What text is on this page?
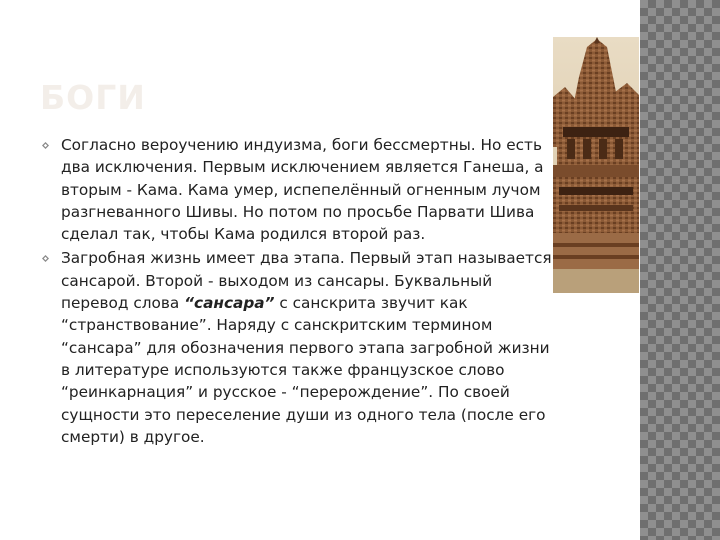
БОГИ
Согласно вероучению индуизма, боги бессмертны. Но есть два исключения. Первым исключением является Ганеша, а вторым - Кама. Кама умер, испепелённый огненным лучом разгневанного Шивы. Но потом по просьбе Парвати Шива сделал так, чтобы Кама родился второй раз.
Загробная жизнь имеет два этапа. Первый этап называется сансарой. Второй - выходом из сансары. Буквальный перевод слова “сансара” с санскрита звучит как “странствование”. Наряду с санскритским термином “сансара” для обозначения первого этапа загробной жизни в литературе используются также французское слово “реинкарнация” и русское - “перерождение”. По своей сущности это переселение души из одного тела (после его смерти) в другое.
